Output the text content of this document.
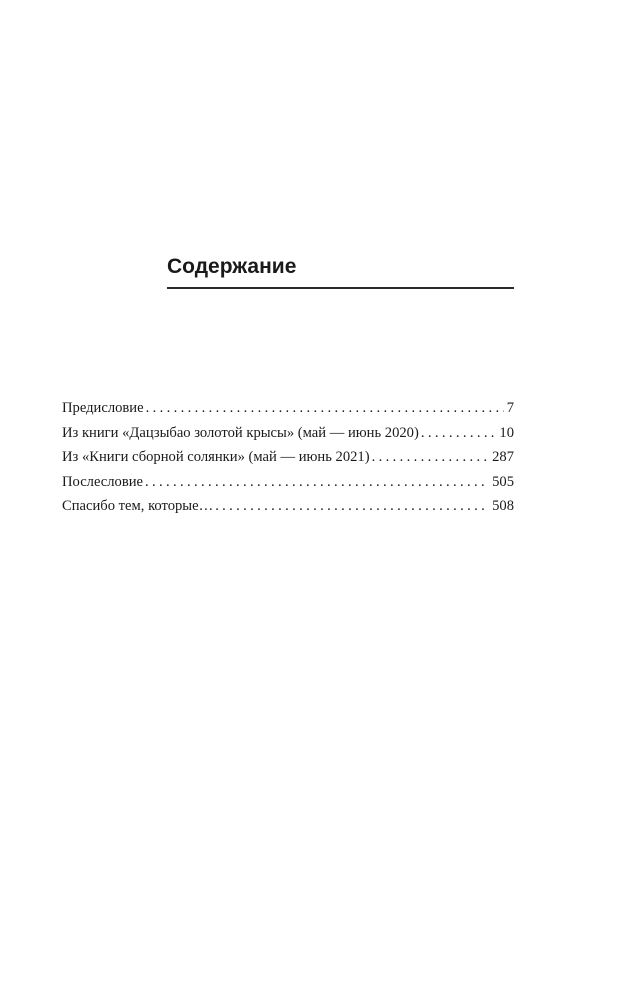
Содержание
Предисловие .....	7
Из книги «Дацзыбао золотой крысы» (май — июнь 2020) .....	10
Из «Книги сборной солянки» (май — июнь 2021) .....	287
Послесловие .....	505
Спасибо тем, которые… .....	508
